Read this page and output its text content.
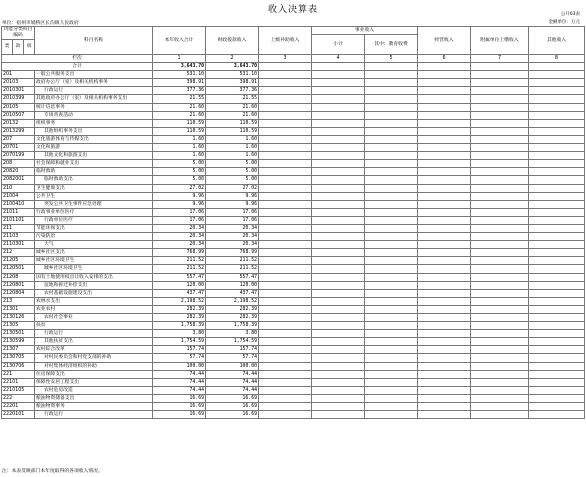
收入决算表	公开03表
单位：宿州市埇桥区长沟镇人民政府	金额单位：万元
功能分类科目编码			科目名称	本年收入合计	财政拨款收入	上级补助收入	事业收入		经营收入	附属单位上缴收入	其他收入
							小计	其中：教育收费			
类	款	项									
栏次				1	2	3	4	5	6	7	8
合计				3,643.70	3,643.70						
201			一般公共服务支出	531.10	531.10						
20103			政府办公厅（室）及相关机构事务	398.91	398.91						
2010301			行政运行	377.36	377.36						
2010399			其他政府办公厅（室）及相关机构事务支出	21.55	21.55						
20105			统计信息事务	21.60	21.60						
2010507			专项普查活动	21.60	21.60						
20132			组织事务	110.59	110.59						
2013299			其他组织事务支出	110.59	110.59						
207			文化旅游体育与传媒支出	1.60	1.60						
20701			文化和旅游	1.60	1.60						
2070199			其他文化和旅游支出	1.60	1.60						
208			社会保障和就业支出	5.00	5.00						
20820			临时救助	5.00	5.00						
2082001			临时救助支出	5.00	5.00						
210			卫生健康支出	27.02	27.02						
21004			公共卫生	9.96	9.96						
2100410			突发公共卫生事件应急处理	9.96	9.96						
21011			行政事业单位医疗	17.06	17.06						
2101101			行政单位医疗	17.06	17.06						
211			节能环保支出	20.34	20.34						
21103			污染防治	20.34	20.34						
2110301			大气	20.34	20.34						
212			城乡社区支出	768.99	768.99						
21205			城乡社区环境卫生	211.52	211.52						
2120501			城乡社区环境卫生	211.52	211.52						
21208			国有土地使用权出让收入安排的支出	557.47	557.47						
2120801			征地和拆迁补偿支出	120.00	120.00						
2120804			农村基础设施建设支出	437.47	437.47						
213			农林水支出	2,198.52	2,198.52						
21301			农业农村	282.39	282.39						
2130126			农村社会事业	282.39	282.39						
21305			扶贫	1,758.39	1,758.39						
2130501			行政运行	3.80	3.80						
2130599			其他扶贫支出	1,754.59	1,754.59						
21307			农村综合改革	157.74	157.74						
2130705			对村民委员会和村党支部的补助	57.74	57.74						
2130706			对村集体经济组织的补助	100.00	100.00						
221			住房保障支出	74.44	74.44						
22101			保障性安居工程支出	74.44	74.44						
2210105			农村危房改造	74.44	74.44						
222			粮油物资储备支出	16.69	16.69						
22201			粮油物资事务	16.69	16.69						
2220101			行政运行	16.69	16.69						
注：本表反映部门本年度取得的各项收入情况。
